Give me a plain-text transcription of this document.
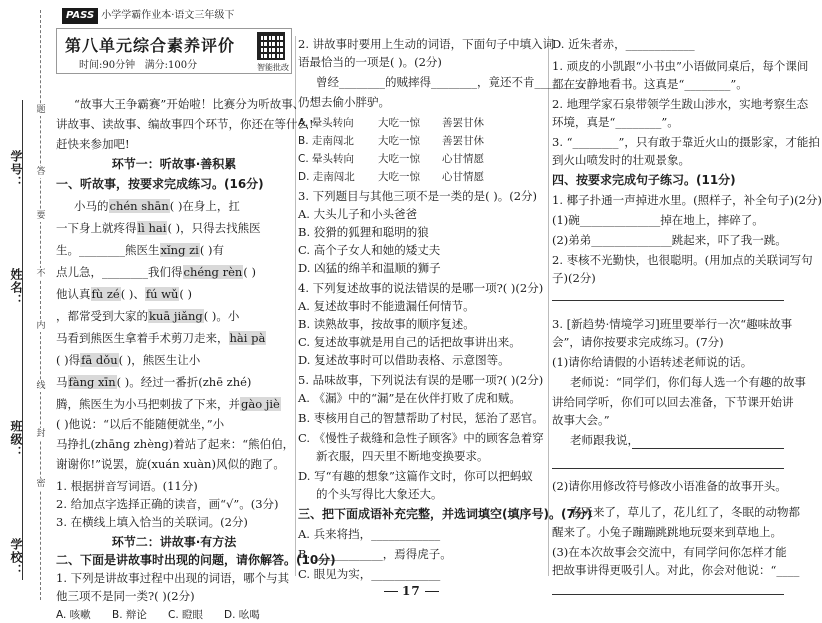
学号：
姓名：
班级：
学校：
题
答
要
不
内
线
封
密
PASS 小学学霸作业本·语文三年级下
第八单元综合素养评价
时间:90分钟 满分:100分	智能批改
“故事大王争霸赛”开始啦！比赛分为听故事、
讲故事、读故事、编故事四个环节，你还在等什么!
赶快来参加吧!
环节一：听故事·善积累
一、听故事，按要求完成练习。(16分)
小马的chén shān( )在身上，扛
一下身上就疼得lì hai( )，只得去找熊医
生。________熊医生xǐng zi( )有
点儿急，________我们得chéng rèn( )
他认真fù zé( )、fú wǔ( )
，都常受到大家的kuā jiǎng( )。小
马看到熊医生拿着手术剪刀走来，hài pà
( )得fā dǒu( )，熊医生让小
马fàng xīn( )。经过一番折(zhē zhé)
腾，熊医生为小马把刺拔了下来，并gào jiè
( )他说：“以后不能随便就坐，”小
马挣扎(zhāng zhèng)着站了起来：“熊伯伯，
谢谢你!”说罢，旋(xuán xuàn)风似的跑了。
1. 根据拼音写词语。(11分)
2. 给加点字选择正确的读音，画“√”。(3分)
3. 在横线上填入恰当的关联词。(2分)
环节二：讲故事·有方法
二、下面是讲故事时出现的问题，请你解答。(10分)
1. 下列是讲故事过程中出现的词语，哪个与其
他三项不是同一类?( )(2分)
A. 咳嗽 B. 辩论 C. 瞪眼 D. 吆喝
2. 讲故事时要用上生动的词语，下面句子中填入词
语最恰当的一项是( )。(2分)
曾经________的贼摔得________，竟还不肯________，
仍想去偷小胖驴。
A. 晕头转向 大吃一惊 善罢甘休
B. 走南闯北 大吃一惊 善罢甘休
C. 晕头转向 大吃一惊 心甘情愿
D. 走南闯北 大吃一惊 心甘情愿
3. 下列题目与其他三项不是一类的是( )。(2分)
A. 大头儿子和小头爸爸
B. 狡猾的狐狸和聪明的狼
C. 高个子女人和她的矮丈夫
D. 凶猛的绵羊和温顺的狮子
4. 下列复述故事的说法错误的是哪一项?( )(2分)
A. 复述故事时不能遗漏任何情节。
B. 读熟故事，按故事的顺序复述。
C. 复述故事就是用自己的话把故事讲出来。
D. 复述故事时可以借助表格、示意图等。
5. 品味故事，下列说法有误的是哪一项?( )(2分)
A. 《漏》中的“漏”是在伙伴打败了虎和贼。
B. 枣核用自己的智慧帮助了村民，惩治了恶官。
C. 《慢性子裁缝和急性子顾客》中的顾客急着穿
新衣服，四天里不断地变换要求。
D. 写“有趣的想象”这篇作文时，你可以把蚂蚁
的个头写得比大象还大。
三、把下面成语补充完整，并选词填空(填序号)。(7分)
A. 兵来将挡，____________
B. ____________，焉得虎子。
C. 眼见为实，____________
D. 近朱者赤，____________
1. 顽皮的小凯跟“小书虫”小语做同桌后，每个课间
都在安静地看书。这真是“________”。
2. 地理学家石泉带领学生跋山涉水，实地考察生态
环境，真是“________”。
3. “________”，只有敢于靠近火山的摄影家，才能拍
到火山喷发时的壮观景象。
四、按要求完成句子练习。(11分)
1. 椰子扑通一声掉进水里。(照样子，补全句子)(2分)
(1)碗______________掉在地上，摔碎了。
(2)弟弟______________跳起来，吓了我一跳。
2. 枣核不光勤快，也很聪明。(用加点的关联词写句
子)(2分)
3. [新趋势·情境学习]班里要举行一次“趣味故事
会”，请你按要求完成练习。(7分)
(1)请你给请假的小语转述老师说的话。
老师说：“同学们，你们每人选一个有趣的故事
讲给同学听，你们可以回去准备，下节课开始讲
故事大会。”
老师跟我说，
(2)请你用修改符号修改小语准备的故事开头。
春天来了，草儿了，花儿红了，冬眠的动物都
醒来了。小兔子蹦蹦跳跳地玩耍来到草地上。
(3)在本次故事会交流中，有同学问你怎样才能
把故事讲得更吸引人。对此，你会对他说：“____
17
